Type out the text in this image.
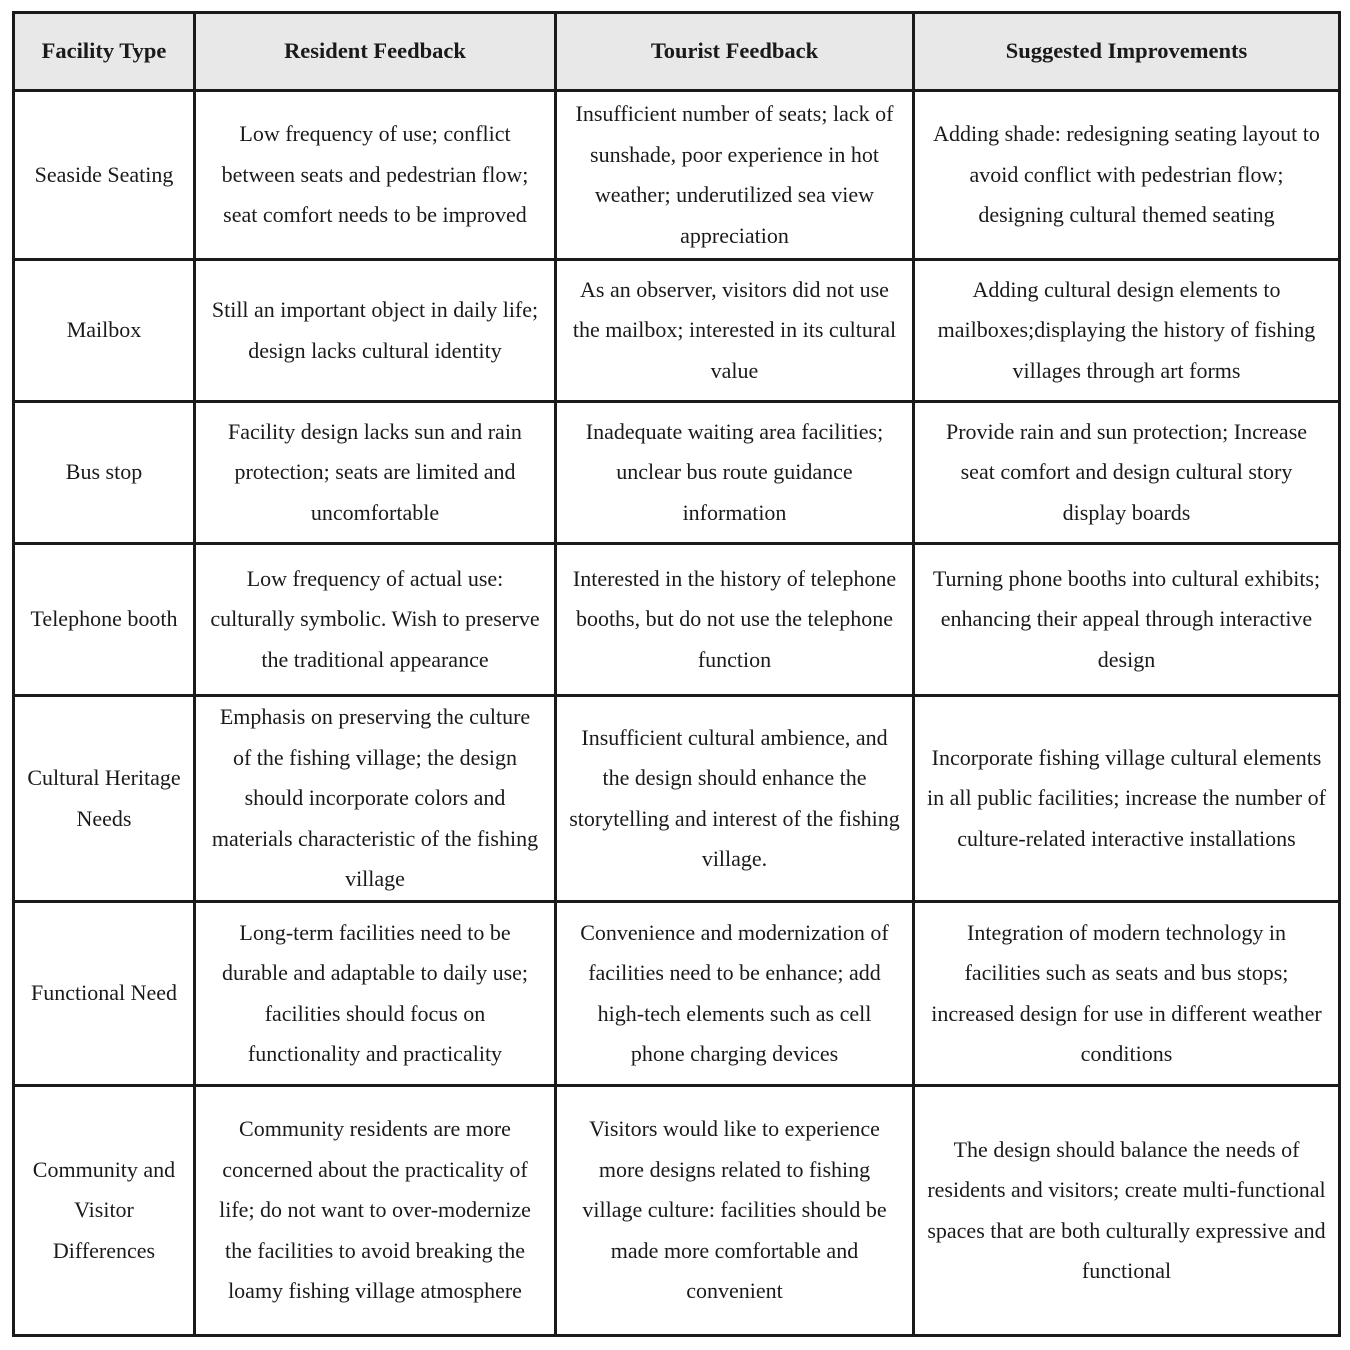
Facility Type	Resident Feedback	Tourist Feedback	Suggested Improvements
Seaside Seating	Low frequency of use; conflict between seats and pedestrian flow; seat comfort needs to be improved	Insufficient number of seats; lack of sunshade, poor experience in hot weather; underutilized sea view appreciation	Adding shade: redesigning seating layout to avoid conflict with pedestrian flow; designing cultural themed seating
Mailbox	Still an important object in daily life; design lacks cultural identity	As an observer, visitors did not use the mailbox; interested in its cultural value	Adding cultural design elements to mailboxes;displaying the history of fishing villages through art forms
Bus stop	Facility design lacks sun and rain protection; seats are limited and uncomfortable	Inadequate waiting area facilities; unclear bus route guidance information	Provide rain and sun protection; Increase seat comfort and design cultural story display boards
Telephone booth	Low frequency of actual use: culturally symbolic. Wish to preserve the traditional appearance	Interested in the history of telephone booths, but do not use the telephone function	Turning phone booths into cultural exhibits; enhancing their appeal through interactive design
Cultural Heritage Needs	Emphasis on preserving the culture of the fishing village; the design should incorporate colors and materials characteristic of the fishing village	Insufficient cultural ambience, and the design should enhance the storytelling and interest of the fishing village.	Incorporate fishing village cultural elements in all public facilities; increase the number of culture-related interactive installations
Functional Need	Long-term facilities need to be durable and adaptable to daily use; facilities should focus on functionality and practicality	Convenience and modernization of facilities need to be enhance; add high-tech elements such as cell phone charging devices	Integration of modern technology in facilities such as seats and bus stops; increased design for use in different weather conditions
Community and Visitor Differences	Community residents are more concerned about the practicality of life; do not want to over-modernize the facilities to avoid breaking the loamy fishing village atmosphere	Visitors would like to experience more designs related to fishing village culture: facilities should be made more comfortable and convenient	The design should balance the needs of residents and visitors; create multi-functional spaces that are both culturally expressive and functional
